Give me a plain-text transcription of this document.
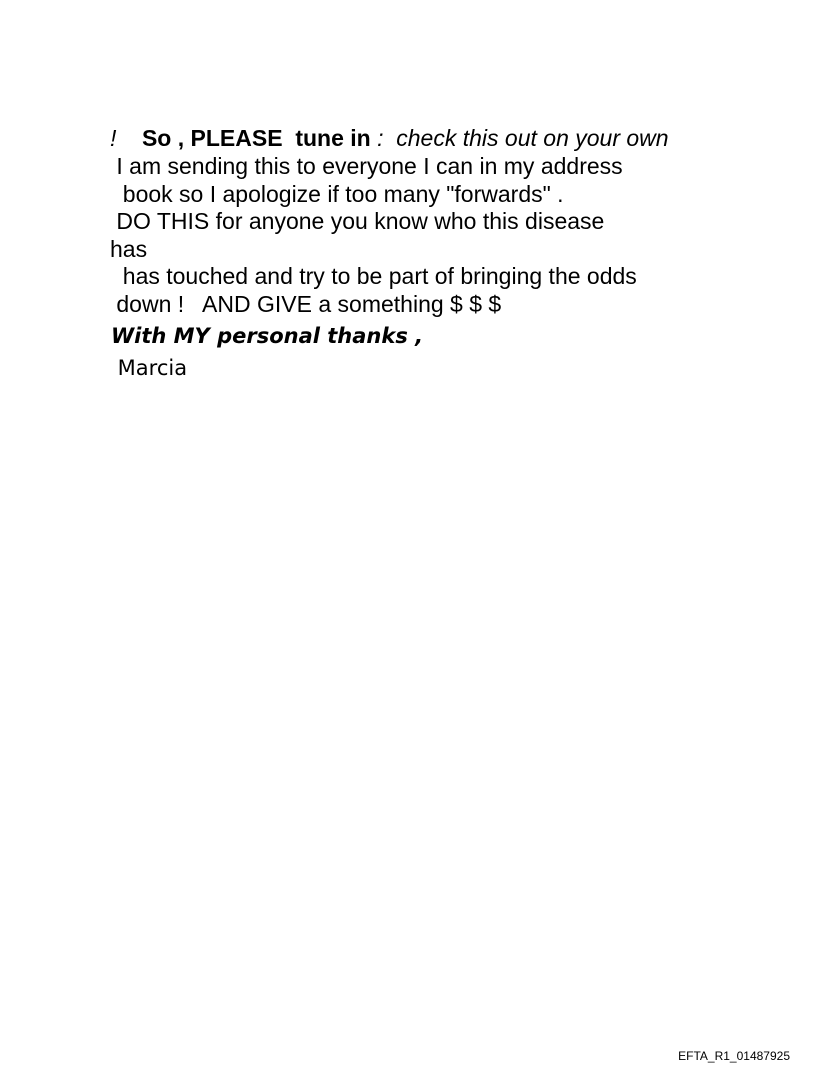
So , PLEASE  tune in :  check this out on your own

!
I am sending this to everyone I can in my address
book so I apologize if too many "forwards" .
DO THIS for anyone you know who this disease
has
has touched and try to be part of bringing the odds
down !   AND GIVE a something $ $ $
With MY personal thanks ,
Marcia
EFTA_R1_01487925
